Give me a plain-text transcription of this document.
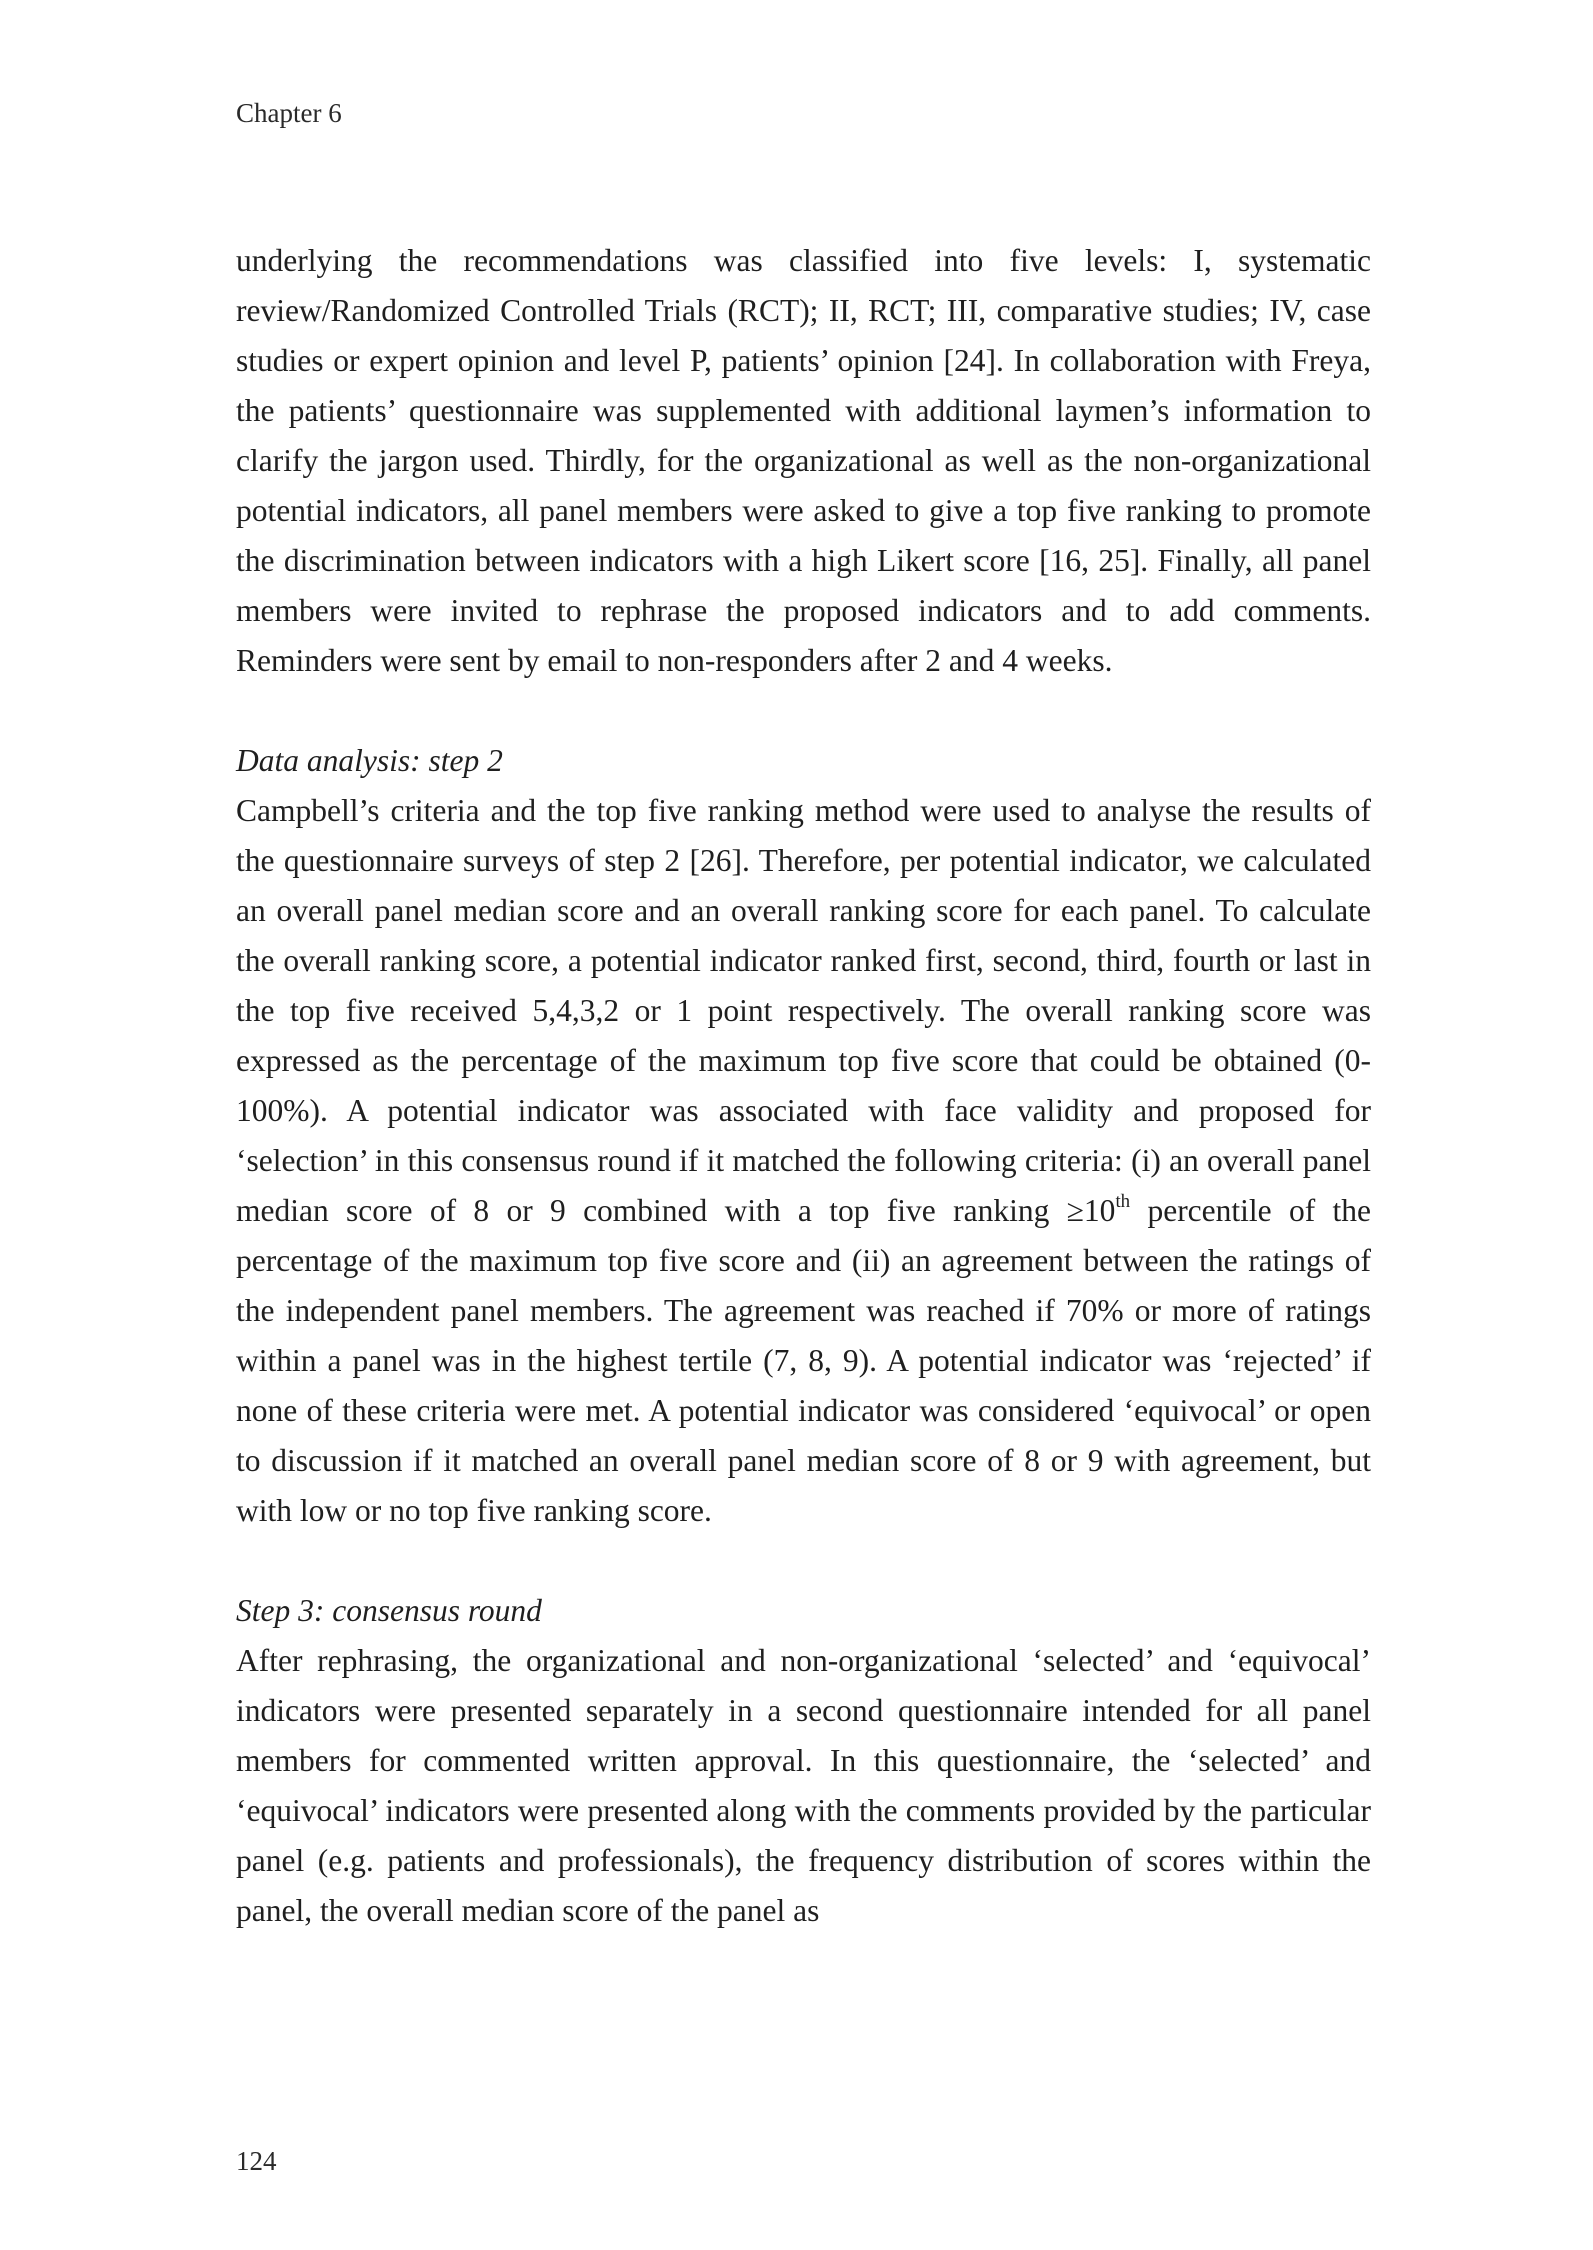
Chapter 6

underlying the recommendations was classified into five levels: I, systematic review/Randomized Controlled Trials (RCT); II, RCT; III, comparative studies; IV, case studies or expert opinion and level P, patients’ opinion [24]. In collaboration with Freya, the patients’ questionnaire was supplemented with additional laymen’s information to clarify the jargon used. Thirdly, for the organizational as well as the non-organizational potential indicators, all panel members were asked to give a top five ranking to promote the discrimination between indicators with a high Likert score [16, 25]. Finally, all panel members were invited to rephrase the proposed indicators and to add comments. Reminders were sent by email to non-responders after 2 and 4 weeks.

Data analysis: step 2

Campbell’s criteria and the top five ranking method were used to analyse the results of the questionnaire surveys of step 2 [26]. Therefore, per potential indicator, we calculated an overall panel median score and an overall ranking score for each panel. To calculate the overall ranking score, a potential indicator ranked first, second, third, fourth or last in the top five received 5,4,3,2 or 1 point respectively. The overall ranking score was expressed as the percentage of the maximum top five score that could be obtained (0-100%). A potential indicator was associated with face validity and proposed for ‘selection’ in this consensus round if it matched the following criteria: (i) an overall panel median score of 8 or 9 combined with a top five ranking ≥10th percentile of the percentage of the maximum top five score and (ii) an agreement between the ratings of the independent panel members. The agreement was reached if 70% or more of ratings within a panel was in the highest tertile (7, 8, 9). A potential indicator was ‘rejected’ if none of these criteria were met. A potential indicator was considered ‘equivocal’ or open to discussion if it matched an overall panel median score of 8 or 9 with agreement, but with low or no top five ranking score.

Step 3: consensus round

After rephrasing, the organizational and non-organizational ‘selected’ and ‘equivocal’ indicators were presented separately in a second questionnaire intended for all panel members for commented written approval. In this questionnaire, the ‘selected’ and ‘equivocal’ indicators were presented along with the comments provided by the particular panel (e.g. patients and professionals), the frequency distribution of scores within the panel, the overall median score of the panel as

124
